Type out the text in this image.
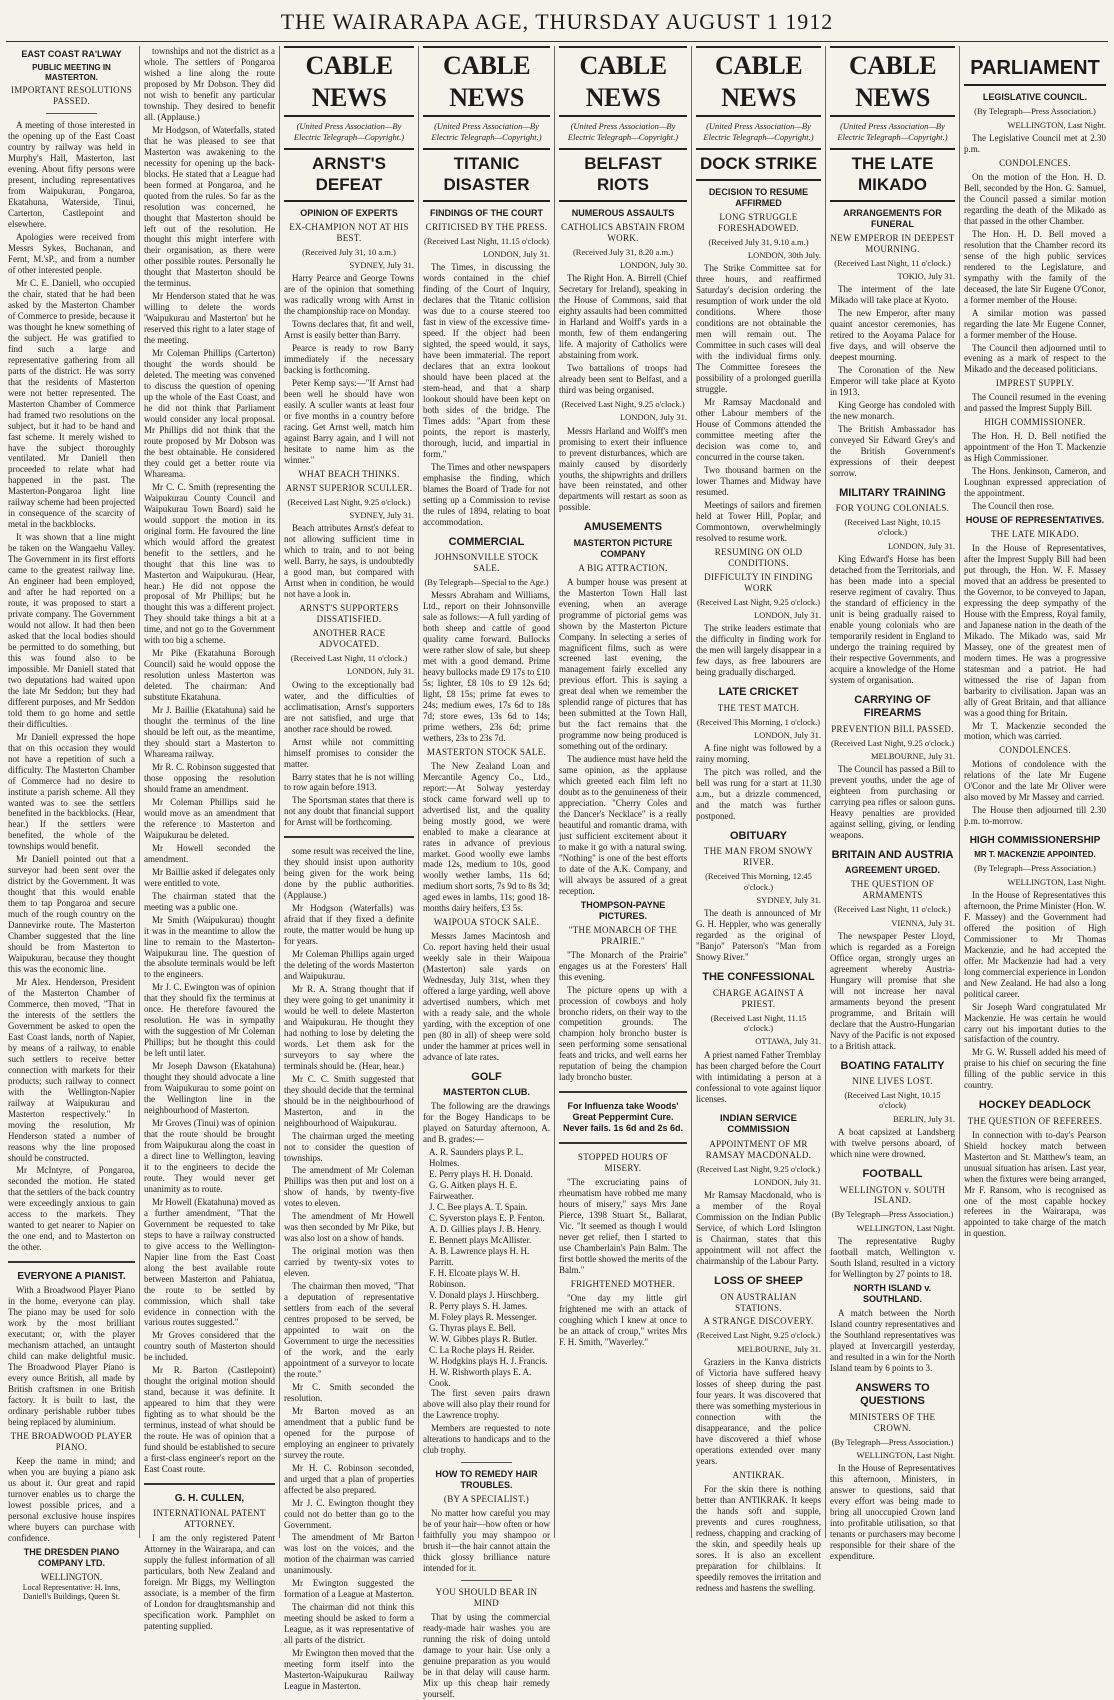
THE WAIRARAPA AGE, THURSDAY AUGUST 1 1912
EAST COAST RA'LWAY
PUBLIC MEETING IN MASTERTON.
IMPORTANT RESOLUTIONS PASSED.

A meeting of those interested in the opening up of the East Coast country by railway was held in Murphy's Hall, Masterton, last evening. About fifty persons were present, including representatives from Waipukurau, Pongaroa, Ekatahuna, Waterside, Tinui, Carterton, Castlepoint and elsewhere.

Apologies were received from Messrs Sykes, Buchanan, and Fernt, M.'sP., and from a number of other interested people.

Mr C. E. Daniell, who occupied the chair, stated that he had been asked by the Masterton Chamber of Commerce to preside, because it was thought he knew something of the subject. He was gratified to find such a large and representative gathering from all parts of the district. He was sorry that the residents of Masterton were not better represented. The Masterton Chamber of Commerce had framed two resolutions on the subject, but it had to be hand and fast scheme. It merely wished to have the subject thoroughly ventilated. Mr Daniell then proceeded to relate what had happened in the past. The Masterton-Pongaroa light line railway scheme had been projected in consequence of the scarcity of metal in the backblocks.

It was shown that a line might be taken on the Wangaehu Valley. The Government in its first efforts came to the greatest railway line. An engineer had been employed, and after he had reported on a route, it was proposed to start a private company. The Government would not allow. It had then been asked that the local bodies should be permitted to do something, but this was found also to be impossible. Mr Daniell stated that two deputations had waited upon the late Mr Seddon; but they had different purposes, and Mr Seddon told them to go home and settle their difficulties.

Mr Daniell expressed the hope that on this occasion they would not have a repetition of such a difficulty. The Masterton Chamber of Commerce had no desire to institute a parish scheme. All they wanted was to see the settlers benefited in the backblocks. (Hear, hear.) If the settlers were benefited, the whole of the townships would benefit.

Mr Daniell pointed out that a surveyor had been sent over the district by the Government. It was thought that this would enable them to tap Pongaroa and secure much of the rough country on the Dannevirke route. The Masterton Chamber suggested that the line should be from Masterton to Waipukurau, because they thought this was the economic line.

Mr Alex. Henderson, President of the Masterton Chamber of Commerce, then moved, "That in the interests of the settlers the Government be asked to open the East Coast lands, north of Napier, by means of a railway, to enable such settlers to receive better connection with markets for their products; such railway to connect with the Wellington-Napier railway at Waipukurau and Masterton respectively." In moving the resolution, Mr Henderson stated a number of reasons why the line proposed should be constructed.

Mr McIntyre, of Pongaroa, seconded the motion. He stated that the settlers of the back country were exceedingly anxious to gain access to the markets. They wanted to get nearer to Napier on the one end, and to Masterton on the other.

EVERYONE A PIANIST.

With a Broadwood Player Piano in the home, everyone can play. The piano may be used for solo work by the most brilliant executant; or, with the player mechanism attached, an untaught child can make delightful music. The Broadwood Player Piano is every ounce British, all made by British craftsmen in one British factory. It is built to last, the ordinary perishable rubber tubes being replaced by aluminium.

THE BROADWOOD PLAYER PIANO.

Keep the name in mind; and when you are buying a piano ask us about it. Our great and rapid turnover enables us to charge the lowest possible prices, and a personal exclusive house inspires where buyers can purchase with confidence.

THE DRESDEN PIANO COMPANY LTD.
WELLINGTON.
Local Representative: H. Inns, Daniell's Buildings, Queen St.

townships and not the district as a whole. The settlers of Pongaroa wished a line along the route proposed by Mr Dobson. They did not wish to benefit any particular township. They desired to benefit all. (Applause.)

Mr Hodgson, of Waterfalls, stated that he was pleased to see that Masterton was awakening to the necessity for opening up the back-blocks. He stated that a League had been formed at Pongaroa, and he quoted from the rules. So far as the resolution was concerned, he thought that Masterton should be left out of the resolution. He thought this might interfere with their organisation, as there were other possible routes. Personally he thought that Masterton should be the terminus.

Mr Henderson stated that he was willing to delete the words 'Waipukurau and Masterton' but he reserved this right to a later stage of the meeting.

Mr Coleman Phillips (Carterton) thought the words should be deleted. The meeting was convened to discuss the question of opening up the whole of the East Coast, and he did not think that Parliament would consider any local proposal. Mr Phillips did not think that the route proposed by Mr Dobson was the best obtainable. He considered they could get a better route via Whareama.

Mr C. C. Smith (representing the Waipukurau County Council and Waipukurau Town Board) said he would support the motion in its original form. He favoured the line which would afford the greatest benefit to the settlers, and he thought that this line was to Masterton and Waipukurau. (Hear, hear.) He did not oppose the proposal of Mr Phillips; but he thought this was a different project. They should take things a bit at a time, and not go to the Government with too big a scheme.

Mr Pike (Ekatahuna Borough Council) said he would oppose the resolution unless Masterton was deleted. The chairman: And substitute Ekatahuna.

Mr J. Baillie (Ekatahuna) said he thought the terminus of the line should be left out, as the meantime, they should start a Masterton to Whareama railway.

Mr R. C. Robinson suggested that those opposing the resolution should frame an amendment.

Mr Coleman Phillips said he would move as an amendment that the reference to Masterton and Waipukurau be deleted.

Mr Howell seconded the amendment.

Mr Baillie asked if delegates only were entitled to vote.

The chairman stated that the meeting was a public one.

Mr Smith (Waipukurau) thought it was in the meantime to allow the line to remain to the Masterton-Waipukurau line. The question of the absolute terminals would be left to the engineers.

Mr J. C. Ewington was of opinion that they should fix the terminus at once. He therefore favoured the resolution. He was in sympathy with the suggestion of Mr Coleman Phillips; but he thought this could be left until later.

Mr Joseph Dawson (Ekatahuna) thought they should advocate a line from Waipukurau to some point on the Wellington line in the neighbourhood of Masterton.

Mr Groves (Tinui) was of opinion that the route should be brought from Waipukurau along the coast in a direct line to Wellington, leaving it to the engineers to decide the route. They would never get unanimity as to route.

Mr Howell (Ekatahuna) moved as a further amendment, "That the Government be requested to take steps to have a railway constructed to give access to the Wellington-Napier line from the East Coast along the best available route between Masterton and Pahiatua, the route to be settled by commission, which shall take evidence in connection with the various routes suggested."

Mr Groves considered that the country south of Masterton should be included.

Mr R. Barton (Castlepoint) thought the original motion should stand, because it was definite. It appeared to him that they were fighting as to what should be the terminus, instead of what should be the route. He was of opinion that a fund should be established to secure a first-class engineer's report on the East Coast route.

G. H. CULLEN,
INTERNATIONAL PATENT ATTORNEY.

I am the only registered Patent Attorney in the Wairarapa, and can supply the fullest information of all particulars, both New Zealand and foreign. Mr Biggs, my Wellington associate, is a member of the firm of London for draughtsmanship and specification work. Pamphlet on patenting supplied.

CABLE NEWS
(United Press Association—By Electric Telegraph—Copyright.)
ARNST'S DEFEAT
OPINION OF EXPERTS
EX-CHAMPION NOT AT HIS BEST.
(Received July 31, 10 a.m.)
SYDNEY, July 31.

Harry Pearce and George Towns are of the opinion that something was radically wrong with Arnst in the championship race on Monday.

Towns declares that, fit and well, Arnst is easily better than Barry.

Pearce is ready to row Barry immediately if the necessary backing is forthcoming.

Peter Kemp says:—"If Arnst had been well he should have won easily. A sculler wants at least four or five months in a country before racing. Get Arnst well, match him against Barry again, and I will not hesitate to name him as the winner."

WHAT BEACH THINKS.
ARNST SUPERIOR SCULLER.
(Received Last Night, 9.25 o'clock.)
SYDNEY, July 31.

Beach attributes Arnst's defeat to not allowing sufficient time in which to train, and to not being well. Barry, he says, is undoubtedly a good man, but compared with Arnst when in condition, he would not have a look in.

ARNST'S SUPPORTERS DISSATISFIED.
ANOTHER RACE ADVOCATED.
(Received Last Night, 11 o'clock.)
LONDON, July 31.

Owing to the exceptionally bad water, and the difficulties of acclimatisation, Arnst's supporters are not satisfied, and urge that another race should be rowed.

Arnst while not committing himself promises to consider the matter.

Barry states that he is not willing to row again before 1913.

The Sportsman states that there is not any doubt that financial support for Arnst will be forthcoming.

some result was received the line, they should insist upon authority being given for the work being done by the public authorities. (Applause.)

Mr Hodgson (Waterfalls) was afraid that if they fixed a definite route, the matter would be hung up for years.

Mr Coleman Phillips again urged the deleting of the words Masterton and Waipukurau.

Mr R. A. Strang thought that if they were going to get unanimity it would be well to delete Masterton and Waipukurau. He thought they had nothing to lose by deleting the words. Let them ask for the surveyors to say where the terminals should be. (Hear, hear.)

Mr C. C. Smith suggested that they should decide that the terminal should be in the neighbourhood of Masterton, and in the neighbourhood of Waipukurau.

The chairman urged the meeting not to consider the question of townships.

The amendment of Mr Coleman Phillips was then put and lost on a show of hands, by twenty-five votes to eleven.

The amendment of Mr Howell was then seconded by Mr Pike, but was also lost on a show of hands.

The original motion was then carried by twenty-six votes to eleven.

The chairman then moved, "That a deputation of representative settlers from each of the several centres proposed to be served, be appointed to wait on the Government to urge the necessities of the work, and the early appointment of a surveyor to locate the route."

Mr C. Smith seconded the resolution.

Mr Barton moved as an amendment that a public fund be opened for the purpose of employing an engineer to privately survey the route.

Mr H. C. Robinson seconded, and urged that a plan of properties affected be also prepared.

Mr J. C. Ewington thought they could not do better than go to the Government.

The amendment of Mr Barton was lost on the voices, and the motion of the chairman was carried unanimously.

Mr Ewington suggested the formation of a League at Masterton.

The chairman did not think this meeting should be asked to form a League, as it was representative of all parts of the district.

Mr Ewington then moved that the meeting form itself into the Masterton-Waipukurau Railway League in Masterton.

CABLE NEWS
(United Press Association—By Electric Telegraph—Copyright.)
TITANIC DISASTER
FINDINGS OF THE COURT
CRITICISED BY THE PRESS.
(Received Last Night, 11.15 o'clock)
LONDON, July 31.

The Times, in discussing the words contained in the chief finding of the Court of Inquiry, declares that the Titanic collision was due to a course steered too fast in view of the excessive time-speed. If the object had been sighted, the speed would, it says, have been immaterial. The report declares that an extra lookout should have been placed at the stem-head, and that a sharp lookout should have been kept on both sides of the bridge. The Times adds: "Apart from these points, the report is masterly, thorough, lucid, and impartial in form."

The Times and other newspapers emphasise the finding, which blames the Board of Trade for not setting up a Commission to revise the rules of 1894, relating to boat accommodation.

COMMERCIAL
JOHNSONVILLE STOCK SALE.
(By Telegraph—Special to the Age.)

Messrs Abraham and Williams, Ltd., report on their Johnsonville sale as follows:—A full yarding of both sheep and cattle of good quality came forward. Bullocks were rather slow of sale, but sheep met with a good demand. Prime heavy bullocks made £9 17s to £10 5s; lighter, £8 10s to £9 12s 6d; light, £8 15s; prime fat ewes to 24s; medium ewes, 17s 6d to 18s 7d; store ewes, 13s 6d to 14s; prime wethers, 23s 6d; prime wethers, 23s to 23s 7d.

MASTERTON STOCK SALE.

The New Zealand Loan and Mercantile Agency Co., Ltd., report:—At Solway yesterday stock came forward well up to advertised list, and the quality being mostly good, we were enabled to make a clearance at rates in advance of previous market. Good woolly ewe lambs made 12s, medium to 10s, good woolly wether lambs, 11s 6d; medium short sorts, 7s 9d to 8s 3d; aged ewes in lambs, 11s; good 18-months dairy heifers, £3 5s.

WAIPOUA STOCK SALE.

Messrs James Macintosh and Co. report having held their usual weekly sale in their Waipoua (Masterton) sale yards on Wednesday, July 31st, when they offered a large yarding, well above advertised numbers, which met with a ready sale, and the whole yarding, with the exception of one pen (80 in all) of sheep were sold under the hammer at prices well in advance of late rates.

GOLF
MASTERTON CLUB.

The following are the drawings for the Bogey Handicaps to be played on Saturday afternoon, A. and B. grades:—

A. R. Saunders plays P. L. Holmes.
E. Perry plays H. H. Donald.
G. G. Aitken plays H. E. Fairweather.
J. C. Bee plays A. T. Spain.
C. Syverston plays E. P. Fenton.
A. D. Gillies plays J. B. Henry.
E. Bennett plays McAllister.
A. B. Lawrence plays H. H. Parritt.
F. H. Elcoate plays W. H. Robinson.
V. Donald plays J. Hirschberg.
R. Perry plays S. H. James.
M. Foley plays R. Messenger.
G. Thyras plays E. Bell.
W. W. Gibbes plays R. Butler.
C. La Roche plays H. Reider.
W. Hodgkins plays H. J. Francis.
H. W. Rishworth plays E. A. Cook.

The first seven pairs drawn above will also play their round for the Lawrence trophy.

Members are requested to note alterations to handicaps and to the club trophy.

HOW TO REMEDY HAIR TROUBLES.
(BY A SPECIALIST.)

No matter how careful you may be of your hair—how often or how faithfully you may shampoo or brush it—the hair cannot attain the thick glossy brilliance nature intended for it.

YOU SHOULD BEAR IN MIND

That by using the commercial ready-made hair washes you are running the risk of doing untold damage to your hair. Use only a genuine preparation as you would be in that delay will cause harm. Mix up this cheap hair remedy yourself.

CABLE NEWS
(United Press Association—By Electric Telegraph—Copyright.)
BELFAST RIOTS
NUMEROUS ASSAULTS
CATHOLICS ABSTAIN FROM WORK.
(Received July 31, 8.20 a.m.)
LONDON, July 30.

The Right Hon. A. Birrell (Chief Secretary for Ireland), speaking in the House of Commons, said that eighty assaults had been committed in Harland and Wolff's yards in a month, few of them endangering life. A majority of Catholics were abstaining from work.

Two battalions of troops had already been sent to Belfast, and a third was being organised.

(Received Last Night, 9.25 o'clock.)
LONDON, July 31.

Messrs Harland and Wolff's men promising to exert their influence to prevent disturbances, which are mainly caused by disorderly youths, the shipwrights and drillers have been reinstated, and other departments will restart as soon as possible.

AMUSEMENTS
MASTERTON PICTURE COMPANY
A BIG ATTRACTION.

A bumper house was present at the Masterton Town Hall last evening, when an average programme of pictorial gems was shown by the Masterton Picture Company. In selecting a series of magnificent films, such as were screened last evening, the management fairly excelled any previous effort. This is saying a great deal when we remember the splendid range of pictures that has been submitted at the Town Hall, but the fact remains that the programme now being produced is something out of the ordinary.

The audience must have held the same opinion, as the applause which greeted each film left no doubt as to the genuineness of their appreciation. "Cherry Coles and the Dancer's Necklace" is a really beautiful and romantic drama, with just sufficient excitement about it to make it go with a natural swing. "Nothing" is one of the best efforts to date of the A.K. Company, and will always be assured of a great reception.

THOMPSON-PAYNE PICTURES.
"THE MONARCH OF THE PRAIRIE."

"The Monarch of the Prairie" engages us at the Foresters' Hall this evening.

The picture opens up with a procession of cowboys and holy broncho riders, on their way to the competition grounds. The champion holy broncho buster is seen performing some sensational feats and tricks, and well earns her reputation of being the champion lady broncho buster.

For Influenza take Woods' Great Peppermint Cure. Never fails. 1s 6d and 2s 6d.
STOPPED HOURS OF MISERY.

"The excruciating pains of rheumatism have robbed me many hours of misery," says Mrs Jane Pierce, 1398 Stuart St., Ballarat, Vic. "It seemed as though I would never get relief, then I started to use Chamberlain's Pain Balm. The first bottle showed the merits of the Balm."

FRIGHTENED MOTHER.

"One day my little girl frightened me with an attack of coughing which I knew at once to be an attack of croup," writes Mrs F. H. Smith, "Waverley."

CABLE NEWS
(United Press Association—By Electric Telegraph—Copyright.)
DOCK STRIKE
DECISION TO RESUME AFFIRMED
LONG STRUGGLE FORESHADOWED.
(Received July 31, 9.10 a.m.)
LONDON, 30th July.

The Strike Committee sat for three hours, and reaffirmed Saturday's decision ordering the resumption of work under the old conditions. Where those conditions are not obtainable the men will remain out. The Committee in such cases will deal with the individual firms only. The Committee foresees the possibility of a prolonged guerilla struggle.

Mr Ramsay Macdonald and other Labour members of the House of Commons attended the committee meeting after the decision was come to, and concurred in the course taken.

Two thousand barmen on the lower Thames and Midway have resumed.

Meetings of sailors and firemen held at Tower Hill, Poplar, and Commontown, overwhelmingly resolved to resume work.

RESUMING ON OLD CONDITIONS.
DIFFICULTY IN FINDING WORK
(Received Last Night, 9.25 o'clock.)
LONDON, July 31.

The strike leaders estimate that the difficulty in finding work for the men will largely disappear in a few days, as free labourers are being gradually discharged.

LATE CRICKET
THE TEST MATCH.
(Received This Morning, 1 o'clock.)
LONDON, July 31.

A fine night was followed by a rainy morning.

The pitch was rolled, and the bell was rung for a start at 11.30 a.m., but a drizzle commenced, and the match was further postponed.

OBITUARY
THE MAN FROM SNOWY RIVER.
(Received This Morning, 12.45 o'clock.)
SYDNEY, July 31.

The death is announced of Mr G. H. Heppler, who was generally regarded as the original of "Banjo" Paterson's "Man from Snowy River."

THE CONFESSIONAL
CHARGE AGAINST A PRIEST.
(Received Last Night, 11.15 o'clock.)
OTTAWA, July 31.

A priest named Father Tremblay has been charged before the Court with intimidating a person at a confessional to vote against liquor licenses.

INDIAN SERVICE COMMISSION
APPOINTMENT OF MR RAMSAY MACDONALD.
(Received Last Night, 9.25 o'clock.)
LONDON, July 31.

Mr Ramsay Macdonald, who is a member of the Royal Commission on the Indian Public Service, of which Lord Islington is Chairman, states that this appointment will not affect the chairmanship of the Labour Party.

LOSS OF SHEEP
ON AUSTRALIAN STATIONS.
A STRANGE DISCOVERY.
(Received Last Night, 9.25 o'clock.)
MELBOURNE, July 31.

Graziers in the Kanva districts of Victoria have suffered heavy losses of sheep during the past four years. It was discovered that there was something mysterious in connection with the disappearance, and the police have discovered a thief whose operations extended over many years.

ANTIKRAK.

For the skin there is nothing better than ANTIKRAK. It keeps the hands soft and supple, prevents and cures roughness, redness, chapping and cracking of the skin, and speedily heals up sores. It is also an excellent preparation for chilblains. It speedily removes the irritation and redness and hastens the swelling.

CABLE NEWS
(United Press Association—By Electric Telegraph—Copyright.)
THE LATE MIKADO
ARRANGEMENTS FOR FUNERAL
NEW EMPEROR IN DEEPEST MOURNING.
(Received Last Night, 11 o'clock.)
TOKIO, July 31.

The interment of the late Mikado will take place at Kyoto.

The new Emperor, after many quaint ancestor ceremonies, has retired to the Aoyama Palace for five days, and will observe the deepest mourning.

The Coronation of the New Emperor will take place at Kyoto in 1913.

King George has condoled with the new monarch.

The British Ambassador has conveyed Sir Edward Grey's and the British Government's expressions of their deepest sorrow.

MILITARY TRAINING
FOR YOUNG COLONIALS.
(Received Last Night, 10.15 o'clock.)
LONDON, July 31.

King Edward's Horse has been detached from the Territorials, and has been made into a special reserve regiment of cavalry. Thus the standard of efficiency in the unit is being gradually raised to enable young colonials who are temporarily resident in England to undergo the training required by their respective Governments, and acquire a knowledge of the Home system of organisation.

CARRYING OF FIREARMS
PREVENTION BILL PASSED.
(Received Last Night, 9.25 o'clock.)
MELBOURNE, July 31.

The Council has passed a Bill to prevent youths, under the age of eighteen from purchasing or carrying pea rifles or saloon guns. Heavy penalties are provided against selling, giving, or lending weapons.

BRITAIN AND AUSTRIA
AGREEMENT URGED.
THE QUESTION OF ARMAMENTS
(Received Last Night, 11 o'clock.)
VIENNA, July 31.

The newspaper Pester Lloyd, which is regarded as a Foreign Office organ, strongly urges an agreement whereby Austria-Hungary will promise that she will not increase her naval armaments beyond the present programme, and Britain will declare that the Austro-Hungarian Navy of the Pacific is not exposed to a British attack.

BOATING FATALITY
NINE LIVES LOST.
(Received Last Night, 10.15 o'clock)
BERLIN, July 31.

A boat capsized at Landsberg with twelve persons aboard, of which nine were drowned.

FOOTBALL
WELLINGTON v. SOUTH ISLAND.
(By Telegraph—Press Association.)
WELLINGTON, Last Night.

The representative Rugby football match, Wellington v. South Island, resulted in a victory for Wellington by 27 points to 18.

NORTH ISLAND v. SOUTHLAND.

A match between the North Island country representatives and the Southland representatives was played at Invercargill yesterday, and resulted in a win for the North Island team by 6 points to 3.

ANSWERS TO QUESTIONS
MINISTERS OF THE CROWN.
(By Telegraph—Press Association.)
WELLINGTON, Last Night.

In the House of Representatives this afternoon, Ministers, in answer to questions, said that every effort was being made to bring all unoccupied Crown land into profitable utilisation, so that tenants or purchasers may become responsible for their share of the expenditure.

PARLIAMENT
LEGISLATIVE COUNCIL.
(By Telegraph—Press Association.)
WELLINGTON, Last Night.

The Legislative Council met at 2.30 p.m.

CONDOLENCES.

On the motion of the Hon. H. D. Bell, seconded by the Hon. G. Samuel, the Council passed a similar motion regarding the death of the Mikado as that passed in the other Chamber.

The Hon. H. D. Bell moved a resolution that the Chamber record its sense of the high public services rendered to the Legislature, and sympathy with the family of the deceased, the late Sir Eugene O'Conor, a former member of the House.

A similar motion was passed regarding the late Mr Eugene Conner, a former member of the House.

The Council then adjourned until to evening as a mark of respect to the Mikado and the deceased politicians.

IMPREST SUPPLY.

The Council resumed in the evening and passed the Imprest Supply Bill.

HIGH COMMISSIONER.

The Hon. H. D. Bell notified the appointment of the Hon T. Mackenzie as High Commissioner.

The Hons. Jenkinson, Cameron, and Loughnan expressed appreciation of the appointment.

The Council then rose.

HOUSE OF REPRESENTATIVES.
THE LATE MIKADO.

In the House of Representatives, after the Imprest Supply Bill had been put through, the Hon. W. F. Massey moved that an address be presented to the Governor, to be conveyed to Japan, expressing the deep sympathy of the House with the Empress, Royal family, and Japanese nation in the death of the Mikado. The Mikado was, said Mr Massey, one of the greatest men of modern times. He was a progressive statesman and a patriot. He had witnessed the rise of Japan from barbarity to civilisation. Japan was an ally of Great Britain, and that alliance was a good thing for Britain.

Mr T. Mackenzie seconded the motion, which was carried.

CONDOLENCES.

Motions of condolence with the relations of the late Mr Eugene O'Conor and the late Mr Oliver were also moved by Mr Massey and carried.

The House then adjourned till 2.30 p.m. to-morrow.

HIGH COMMISSIONERSHIP
MR T. MACKENZIE APPOINTED.
(By Telegraph—Press Association.)
WELLINGTON, Last Night.

In the House of Representatives this afternoon, the Prime Minister (Hon. W. F. Massey) and the Government had offered the position of High Commissioner to Mr Thomas Mackenzie, and he had accepted the offer. Mr Mackenzie had had a very long commercial experience in London and New Zealand. He had also a long political career.

Sir Joseph Ward congratulated Mr Mackenzie. He was certain he would carry out his important duties to the satisfaction of the country.

Mr G. W. Russell added his meed of praise to his chief on securing the fine filling of the public service in this country.

HOCKEY DEADLOCK
THE QUESTION OF REFEREES.

In connection with to-day's Pearson Shield hockey match between Masterton and St. Matthew's team, an unusual situation has arisen. Last year, when the fixtures were being arranged, Mr F. Ransom, who is recognised as one of the most capable hockey referees in the Wairarapa, was appointed to take charge of the match in question.
